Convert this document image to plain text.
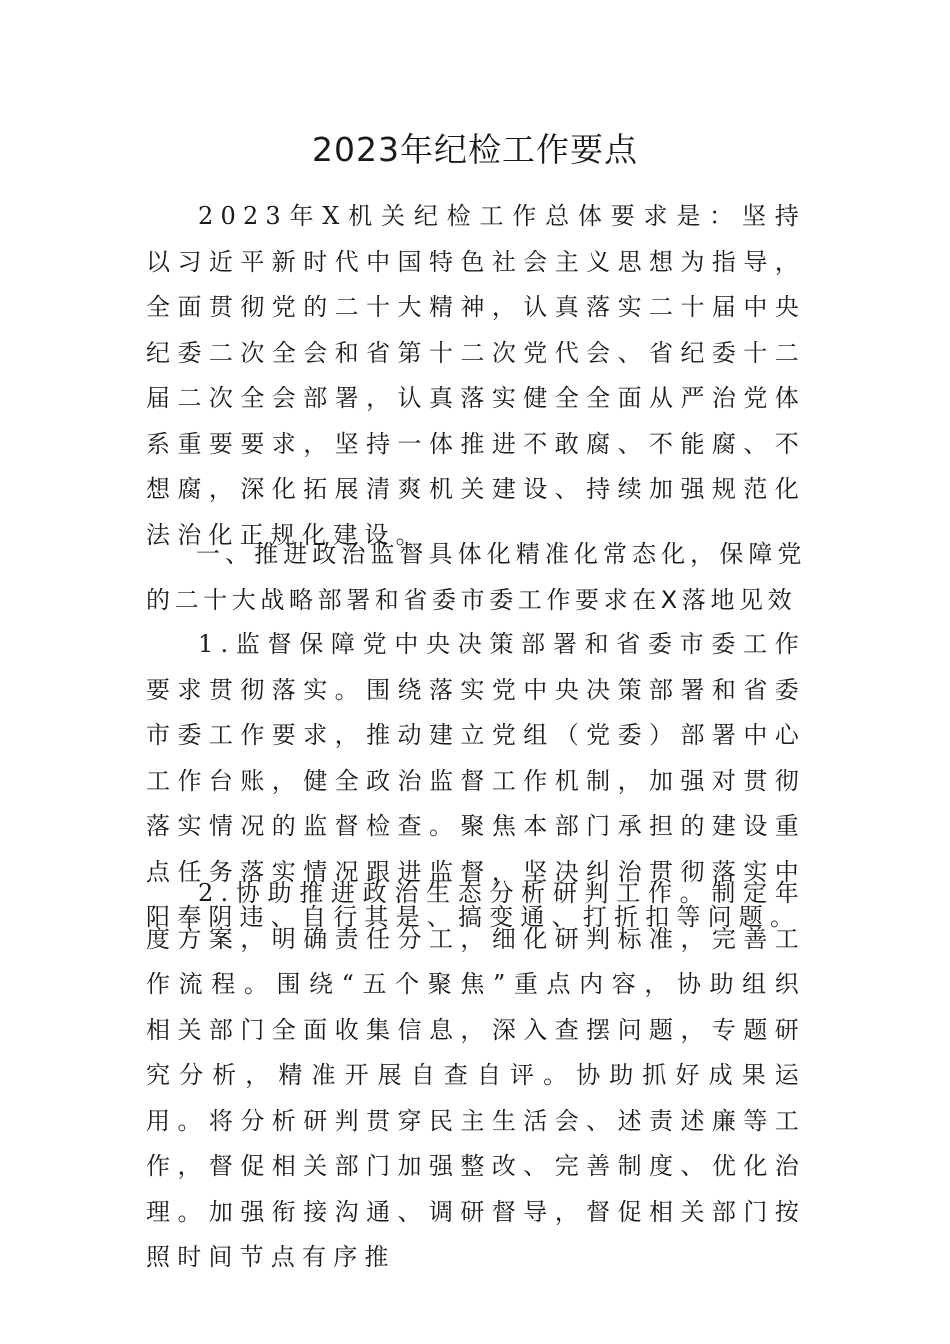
2023年纪检工作要点

2023年X机关纪检工作总体要求是：坚持以习近平新时代中国特色社会主义思想为指导，全面贯彻党的二十大精神，认真落实二十届中央纪委二次全会和省第十二次党代会、省纪委十二届二次全会部署，认真落实健全全面从严治党体系重要要求，坚持一体推进不敢腐、不能腐、不想腐，深化拓展清爽机关建设、持续加强规范化法治化正规化建设。

一、推进政治监督具体化精准化常态化，保障党的二十大战略部署和省委市委工作要求在X落地见效

1.监督保障党中央决策部署和省委市委工作要求贯彻落实。围绕落实党中央决策部署和省委市委工作要求，推动建立党组（党委）部署中心工作台账，健全政治监督工作机制，加强对贯彻落实情况的监督检查。聚焦本部门承担的建设重点任务落实情况跟进监督，坚决纠治贯彻落实中阳奉阴违、自行其是、搞变通、打折扣等问题。

2.协助推进政治生态分析研判工作。制定年度方案，明确责任分工，细化研判标准，完善工作流程。围绕“五个聚焦”重点内容，协助组织相关部门全面收集信息，深入查摆问题，专题研究分析，精准开展自查自评。协助抓好成果运用。将分析研判贯穿民主生活会、述责述廉等工作，督促相关部门加强整改、完善制度、优化治理。加强衔接沟通、调研督导，督促相关部门按照时间节点有序推
